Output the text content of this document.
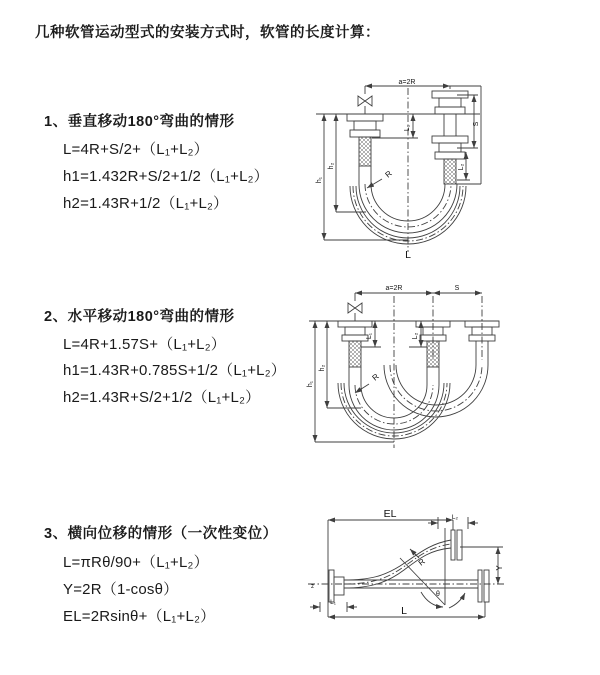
几种软管运动型式的安装方式时，软管的长度计算：
1、垂直移动180°弯曲的情形
L=4R+S/2+（L₁+L₂）
h1=1.432R+S/2+1/2（L₁+L₂）
h2=1.43R+1/2（L₁+L₂）
2、水平移动180°弯曲的情形
L=4R+1.57S+（L₁+L₂）
h1=1.43R+0.785S+1/2（L₁+L₂）
h2=1.43R+S/2+1/2（L₁+L₂）
3、横向位移的情形（一次性变位）
L=πRθ/90+（L₁+L₂）
Y=2R（1-cosθ）
EL=2Rsinθ+（L₁+L₂）
a=2R
S
h₁
h₂
L₁
L₂
R
L
a=2R	S
h₁
h₂
L₁	L₂
R
EL	L₂
Y
R
θ
L
L₁
z
